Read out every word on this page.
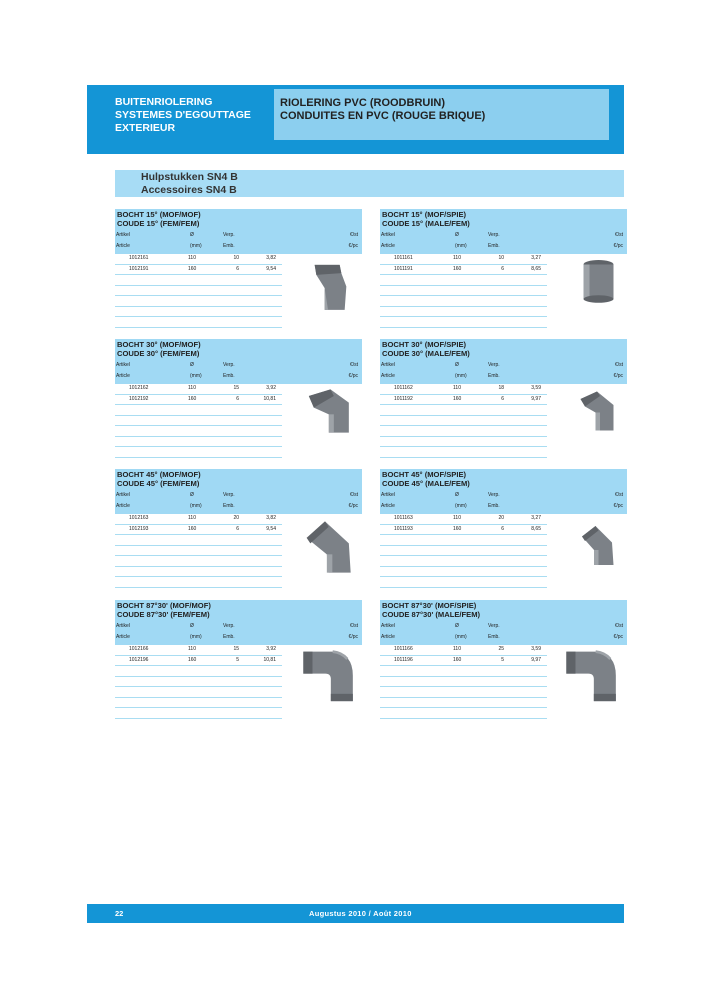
BUITENRIOLERING
SYSTEMES D'EGOUTTAGE
EXTERIEUR
RIOLERING PVC (ROODBRUIN)
CONDUITES EN PVC (ROUGE BRIQUE)
Hulpstukken SN4 B
Accessoires SN4 B
BOCHT 15° (MOF/MOF)
COUDE 15° (FEM/FEM)
Artikel	Ø	Verp.	€/st
Article	(mm)	Emb.	€/pc
1012161	110	10	3,82
1012191	160	6	9,54
BOCHT 15° (MOF/SPIE)
COUDE 15° (MALE/FEM)
Artikel	Ø	Verp.	€/st
Article	(mm)	Emb.	€/pc
1011161	110	10	3,27
1011191	160	6	8,65
BOCHT 30° (MOF/MOF)
COUDE 30° (FEM/FEM)
Artikel	Ø	Verp.	€/st
Article	(mm)	Emb.	€/pc
1012162	110	15	3,92
1012192	160	6	10,81
BOCHT 30° (MOF/SPIE)
COUDE 30° (MALE/FEM)
Artikel	Ø	Verp.	€/st
Article	(mm)	Emb.	€/pc
1011162	110	18	3,59
1011192	160	6	9,97
BOCHT 45° (MOF/MOF)
COUDE 45° (FEM/FEM)
Artikel	Ø	Verp.	€/st
Article	(mm)	Emb.	€/pc
1012163	110	20	3,82
1012193	160	6	9,54
BOCHT 45° (MOF/SPIE)
COUDE 45° (MALE/FEM)
Artikel	Ø	Verp.	€/st
Article	(mm)	Emb.	€/pc
1011163	110	20	3,27
1011193	160	6	8,65
BOCHT 87°30' (MOF/MOF)
COUDE 87°30' (FEM/FEM)
Artikel	Ø	Verp.	€/st
Article	(mm)	Emb.	€/pc
1012166	110	15	3,92
1012196	160	5	10,81
BOCHT 87°30' (MOF/SPIE)
COUDE 87°30' (MALE/FEM)
Artikel	Ø	Verp.	€/st
Article	(mm)	Emb.	€/pc
1011166	110	25	3,59
1011196	160	5	9,97
22	Augustus 2010 / Août 2010
